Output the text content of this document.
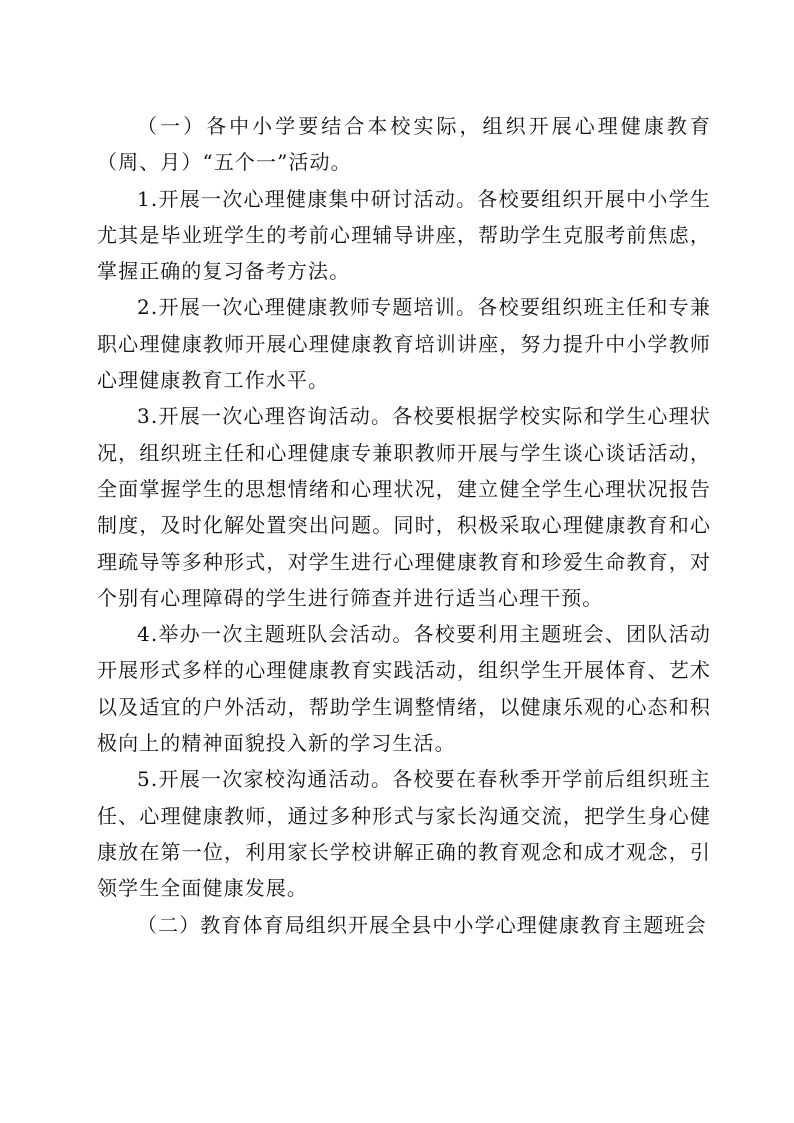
（一）各中小学要结合本校实际，组织开展心理健康教育（周、月）“五个一”活动。

1.开展一次心理健康集中研讨活动。各校要组织开展中小学生尤其是毕业班学生的考前心理辅导讲座，帮助学生克服考前焦虑，掌握正确的复习备考方法。

2.开展一次心理健康教师专题培训。各校要组织班主任和专兼职心理健康教师开展心理健康教育培训讲座，努力提升中小学教师心理健康教育工作水平。

3.开展一次心理咨询活动。各校要根据学校实际和学生心理状况，组织班主任和心理健康专兼职教师开展与学生谈心谈话活动，全面掌握学生的思想情绪和心理状况，建立健全学生心理状况报告制度，及时化解处置突出问题。同时，积极采取心理健康教育和心理疏导等多种形式，对学生进行心理健康教育和珍爱生命教育，对个别有心理障碍的学生进行筛查并进行适当心理干预。

4.举办一次主题班队会活动。各校要利用主题班会、团队活动开展形式多样的心理健康教育实践活动，组织学生开展体育、艺术以及适宜的户外活动，帮助学生调整情绪，以健康乐观的心态和积极向上的精神面貌投入新的学习生活。

5.开展一次家校沟通活动。各校要在春秋季开学前后组织班主任、心理健康教师，通过多种形式与家长沟通交流，把学生身心健康放在第一位，利用家长学校讲解正确的教育观念和成才观念，引领学生全面健康发展。

（二）教育体育局组织开展全县中小学心理健康教育主题班会
